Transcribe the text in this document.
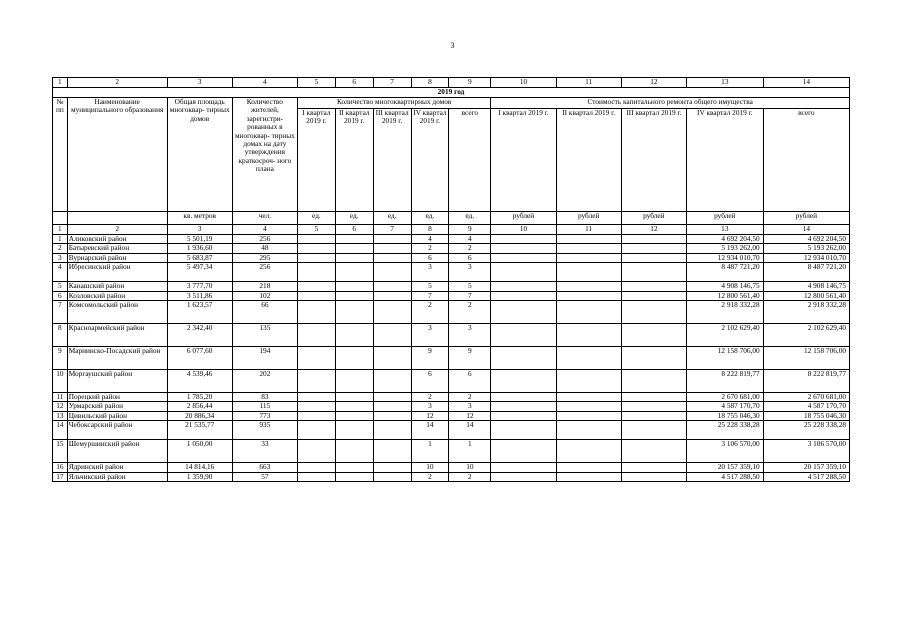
3
1	2	3	4	5	6	7	8	9	10	11	12	13	14
2019 год													
№ пп	Наименование муниципального образования	Общая площадь многоквар- тирных домов	Количество жителей, зарегистри- рованных в многоквар- тирных домах на дату утверждения краткосроч- ного плана	Количество многоквартирных домов					Стоимость капитального ремонта общего имущества				
				I квартал 2019 г.	II квартал 2019 г.	III квартал 2019 г.	IV квартал 2019 г.	всего	I квартал 2019 г.	II квартал 2019 г.	III квартал 2019 г.	IV квартал 2019 г.	всего
		кв. метров	чел.	ед.	ед.	ед.	ед.	ед.	рублей	рублей	рублей	рублей	рублей
1	2	3	4	5	6	7	8	9	10	11	12	13	14
1	Аликовский район	5 501,19	256				4	4				4 692 204,50	4 692 204,50
2	Батыревский район	1 936,60	48				2	2				5 193 262,00	5 193 262,00
3	Вурнарский район	5 683,87	295				6	6				12 934 010,70	12 934 010,70
4	Ибресинский район	5 497,34	256				3	3				8 487 721,20	8 487 721,20
5	Канашский район	3 777,70	218				5	5				4 908 146,75	4 908 146,75
6	Козловский район	3 511,86	102				7	7				12 800 561,40	12 800 561,40
7	Комсомольский район	1 623,57	66				2	2				2 918 332,28	2 918 332,28
8	Красноармейский район	2 342,40	135				3	3				2 102 629,40	2 102 629,40
9	Мариинско-Посадский район	6 077,60	194				9	9				12 158 706,00	12 158 706,00
10	Моргаушский район	4 539,46	202				6	6				8 222 819,77	8 222 819,77
11	Порецкий район	1 785,20	83				2	2				2 670 681,00	2 670 681,00
12	Урмарский район	2 856,44	115				3	3				4 587 170,70	4 587 170,70
13	Цивильский район	20 886,34	773				12	12				18 755 046,30	18 755 046,30
14	Чебоксарский район	21 535,77	935				14	14				25 228 338,28	25 228 338,28
15	Шемуршинский район	1 050,00	33				1	1				3 106 570,00	3 106 570,00
16	Ядринский район	14 814,16	663				10	10				20 157 359,10	20 157 359,10
17	Яльчикский район	1 359,90	57				2	2				4 517 288,50	4 517 288,50
